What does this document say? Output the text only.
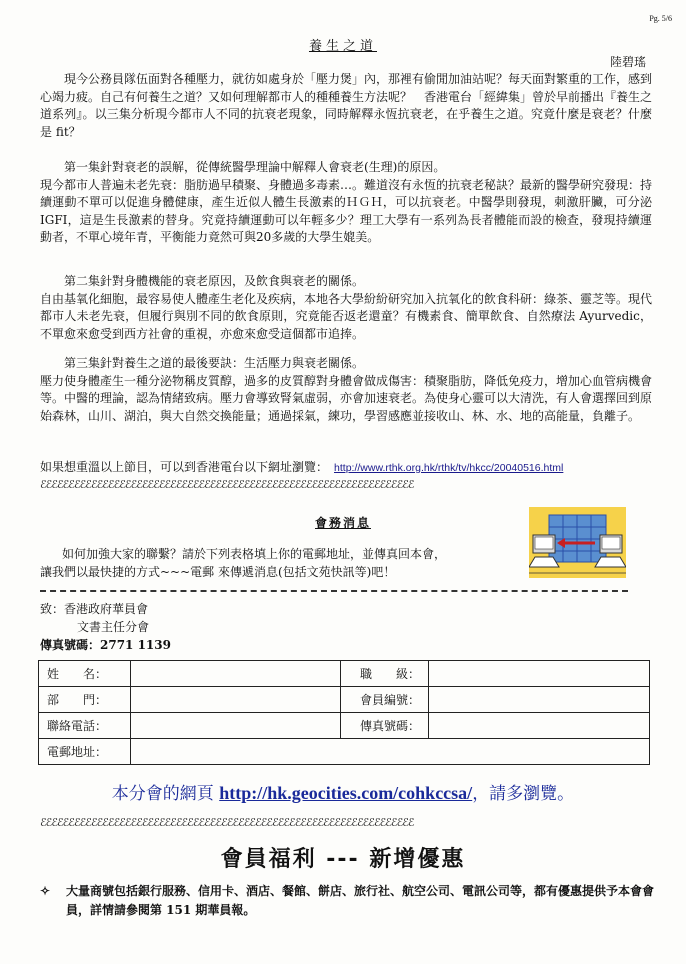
Pg. 5/6
養生之道
陸碧瑤
現今公務員隊伍面對各種壓力，就彷如處身於「壓力煲」內，那裡有偷閒加油站呢？每天面對繁重的工作，感到心竭力疲。自己有何養生之道？又如何理解都市人的種種養生方法呢？　香港電台「經緯集」曾於早前播出『養生之道系列』。以三集分析現今都市人不同的抗衰老現象，同時解釋永恆抗衰老，在乎養生之道。究竟什麼是衰老？什麼是 fit？

第一集針對衰老的誤解，從傳統醫學理論中解釋人會衰老(生理)的原因。

現今都市人普遍未老先衰：脂肪過早積聚、身體過多毒素…。難道沒有永恆的抗衰老秘訣？最新的醫學研究發現：持續運動不單可以促進身體健康，產生近似人體生長激素的ＨＧＨ，可以抗衰老。中醫學則發現，刺激肝臟，可分泌 IGFI，這是生長激素的替身。究竟持續運動可以年輕多少？理工大學有一系列為長者體能而設的檢查，發現持續運動者，不單心境年青，平衡能力竟然可與20多歲的大學生媲美。

第二集針對身體機能的衰老原因，及飲食與衰老的關係。

自由基氧化細胞，最容易使人體產生老化及疾病，本地各大學紛紛研究加入抗氧化的飲食科研：綠茶、靈芝等。現代都市人未老先衰，但履行與別不同的飲食原則，究竟能否返老還童？有機素食、簡單飲食、自然療法 Ayurvedic，不單愈來愈受到西方社會的重視，亦愈來愈受這個都市追捧。

第三集針對養生之道的最後要訣：生活壓力與衰老關係。

壓力使身體產生一種分泌物稱皮質醇，過多的皮質醇對身體會做成傷害：積聚脂肪，降低免疫力，增加心血管病機會等。中醫的理論，認為情緒致病。壓力會導致腎氣虛弱，亦會加速衰老。為使身心靈可以大清洗，有人會選擇回到原始森林，山川、湖泊，與大自然交換能量；通過採氣，練功，學習感應並接收山、林、水、地的高能量，負離子。

如果想重溫以上節目，可以到香港電台以下網址瀏覽： http://www.rthk.org.hk/rthk/tv/hkcc/20040516.html
ℰℰℰℰℰℰℰℰℰℰℰℰℰℰℰℰℰℰℰℰℰℰℰℰℰℰℰℰℰℰℰℰℰℰℰℰℰℰℰℰℰℰℰℰℰℰℰℰℰℰℰℰℰℰℰℰℰℰℰℰℰℰℰℰℰℰ
會務消息

如何加強大家的聯繫？請於下列表格填上你的電郵地址，並傳真回本會，

讓我們以最快捷的方式~~~電郵 來傳遞消息(包括文苑快訊等)吧！

致：香港政府華員會
文書主任分會
傳真號碼：2771 1139
姓　　名：		職　　級：	
部　　門：		會員編號：	
聯絡電話：		傳真號碼：	
電郵地址：			
本分會的網頁 http://hk.geocities.com/cohkccsa/，請多瀏覽。
ℰℰℰℰℰℰℰℰℰℰℰℰℰℰℰℰℰℰℰℰℰℰℰℰℰℰℰℰℰℰℰℰℰℰℰℰℰℰℰℰℰℰℰℰℰℰℰℰℰℰℰℰℰℰℰℰℰℰℰℰℰℰℰℰℰℰ
會員福利 --- 新增優惠
✧ 大量商號包括銀行服務、信用卡、酒店、餐館、餅店、旅行社、航空公司、電訊公司等，都有優惠提供予本會會員，詳情請參閱第 151 期華員報。
